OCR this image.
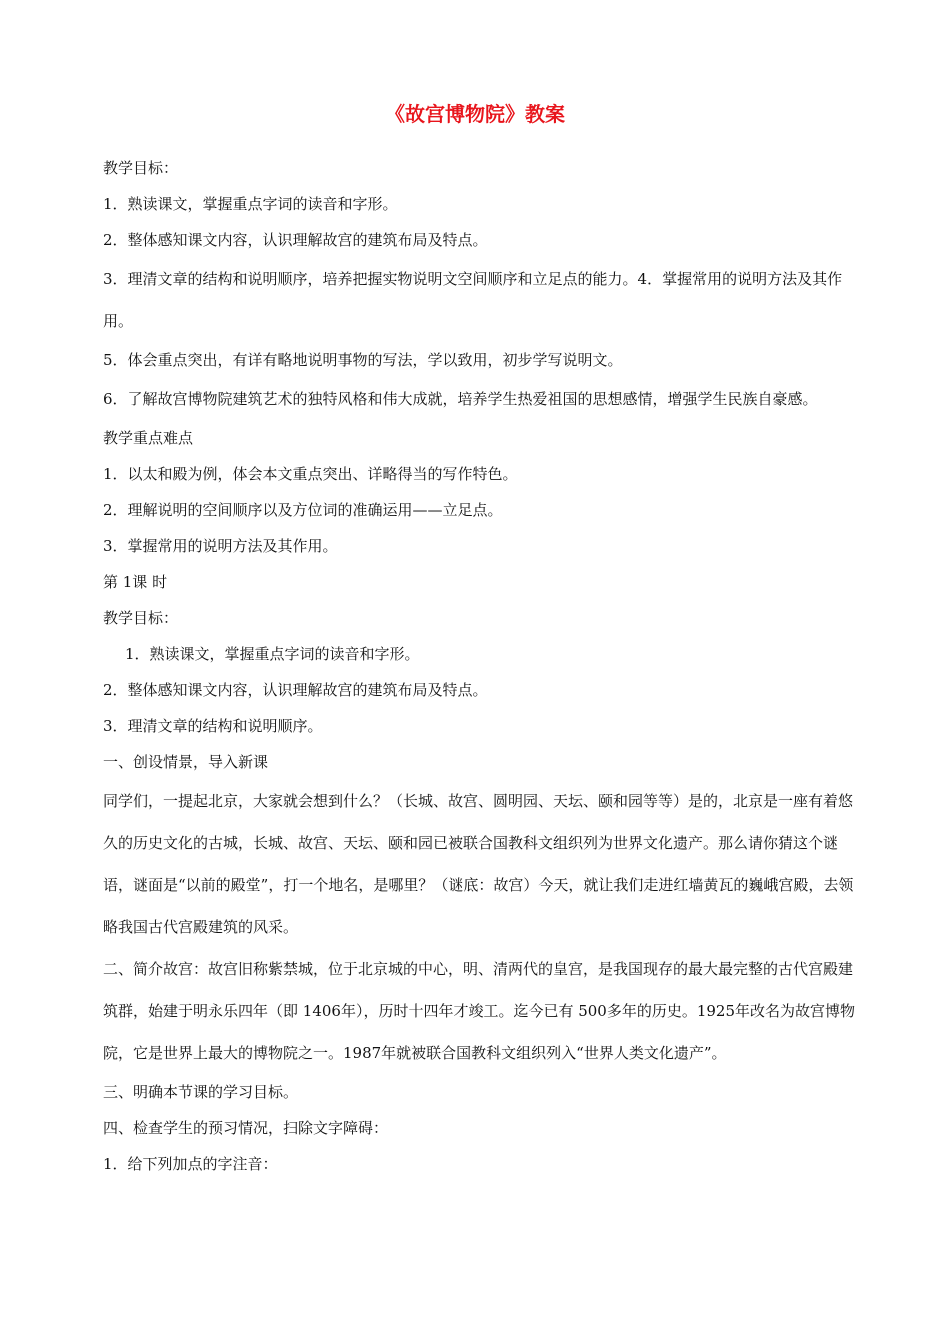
《故宫博物院》教案

教学目标：

1．熟读课文，掌握重点字词的读音和字形。

2．整体感知课文内容，认识理解故宫的建筑布局及特点。

3．理清文章的结构和说明顺序，培养把握实物说明文空间顺序和立足点的能力。4．掌握常用的说明方法及其作用。

5．体会重点突出，有详有略地说明事物的写法，学以致用，初步学写说明文。

6．了解故宫博物院建筑艺术的独特风格和伟大成就，培养学生热爱祖国的思想感情，增强学生民族自豪感。

教学重点难点

1．以太和殿为例，体会本文重点突出、详略得当的写作特色。

2．理解说明的空间顺序以及方位词的准确运用——立足点。

3．掌握常用的说明方法及其作用。

第 1课 时

教学目标：

1．熟读课文，掌握重点字词的读音和字形。

2．整体感知课文内容，认识理解故宫的建筑布局及特点。

3．理清文章的结构和说明顺序。

一、创设情景，导入新课

同学们，一提起北京，大家就会想到什么？（长城、故宫、圆明园、天坛、颐和园等等）是的，北京是一座有着悠久的历史文化的古城，长城、故宫、天坛、颐和园已被联合国教科文组织列为世界文化遗产。那么请你猜这个谜语，谜面是“以前的殿堂”，打一个地名，是哪里？（谜底：故宫）今天，就让我们走进红墙黄瓦的巍峨宫殿，去领略我国古代宫殿建筑的风采。

二、简介故宫：故宫旧称紫禁城，位于北京城的中心，明、清两代的皇宫，是我国现存的最大最完整的古代宫殿建筑群，始建于明永乐四年（即 1406年），历时十四年才竣工。迄今已有 500多年的历史。1925年改名为故宫博物院，它是世界上最大的博物院之一。1987年就被联合国教科文组织列入“世界人类文化遗产”。

三、明确本节课的学习目标。

四、检查学生的预习情况，扫除文字障碍：

1．给下列加点的字注音：
